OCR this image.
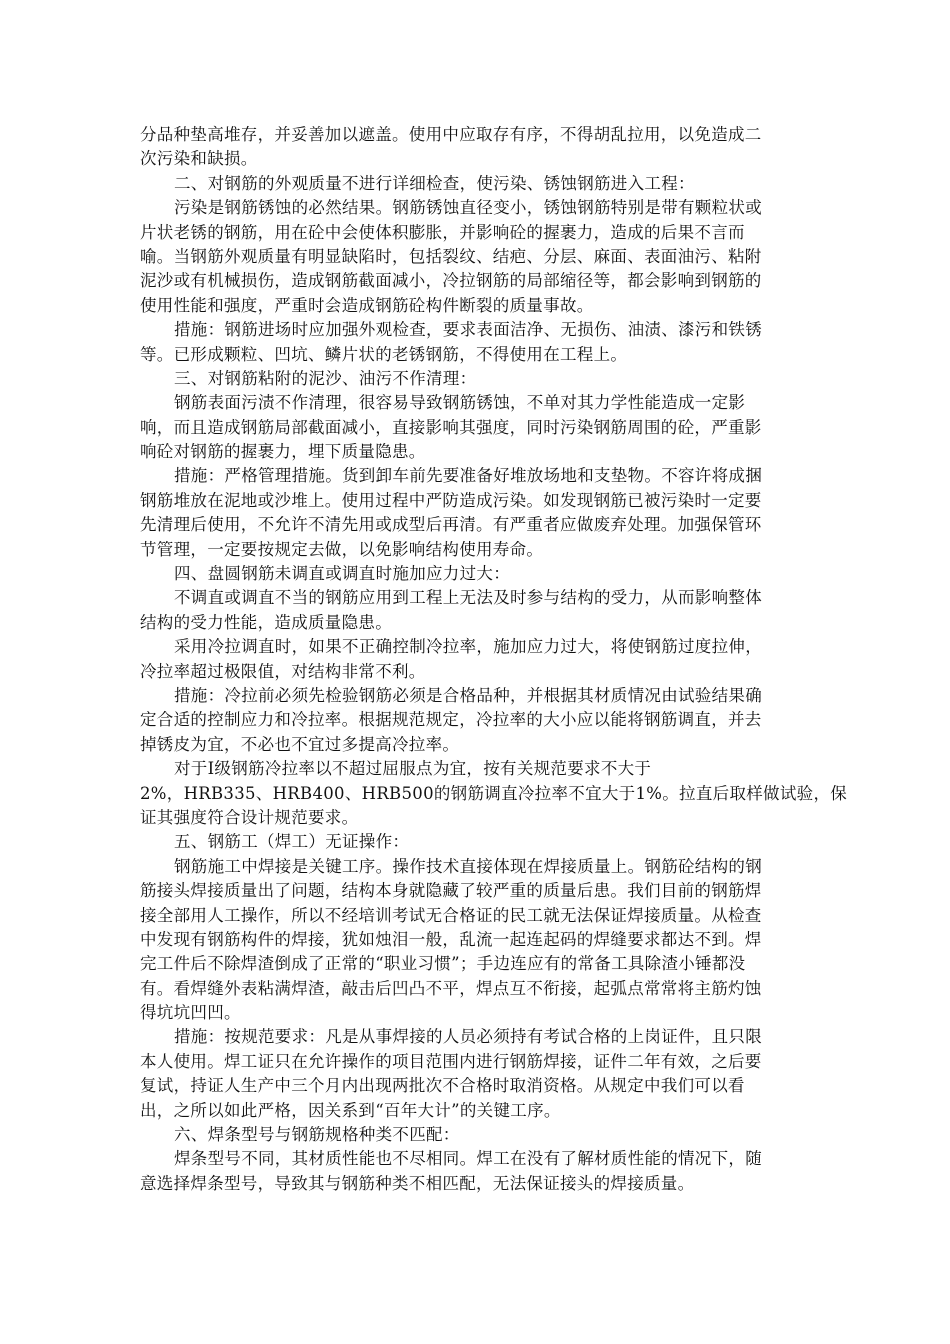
分品种垫高堆存，并妥善加以遮盖。使用中应取存有序，不得胡乱拉用，以免造成二
次污染和缺损。
二、对钢筋的外观质量不进行详细检查，使污染、锈蚀钢筋进入工程：
污染是钢筋锈蚀的必然结果。钢筋锈蚀直径变小，锈蚀钢筋特别是带有颗粒状或
片状老锈的钢筋，用在砼中会使体积膨胀，并影响砼的握裹力，造成的后果不言而
喻。当钢筋外观质量有明显缺陷时，包括裂纹、结疤、分层、麻面、表面油污、粘附
泥沙或有机械损伤，造成钢筋截面减小，冷拉钢筋的局部缩径等，都会影响到钢筋的
使用性能和强度，严重时会造成钢筋砼构件断裂的质量事故。
措施：钢筋进场时应加强外观检查，要求表面洁净、无损伤、油渍、漆污和铁锈
等。已形成颗粒、凹坑、鳞片状的老锈钢筋，不得使用在工程上。
三、对钢筋粘附的泥沙、油污不作清理：
钢筋表面污渍不作清理，很容易导致钢筋锈蚀，不单对其力学性能造成一定影
响，而且造成钢筋局部截面减小，直接影响其强度，同时污染钢筋周围的砼，严重影
响砼对钢筋的握裹力，埋下质量隐患。
措施：严格管理措施。货到卸车前先要准备好堆放场地和支垫物。不容许将成捆
钢筋堆放在泥地或沙堆上。使用过程中严防造成污染。如发现钢筋已被污染时一定要
先清理后使用，不允许不清先用或成型后再清。有严重者应做废弃处理。加强保管环
节管理，一定要按规定去做，以免影响结构使用寿命。
四、盘圆钢筋未调直或调直时施加应力过大：
不调直或调直不当的钢筋应用到工程上无法及时参与结构的受力，从而影响整体
结构的受力性能，造成质量隐患。
采用冷拉调直时，如果不正确控制冷拉率，施加应力过大，将使钢筋过度拉伸，
冷拉率超过极限值，对结构非常不利。
措施：冷拉前必须先检验钢筋必须是合格品种，并根据其材质情况由试验结果确
定合适的控制应力和冷拉率。根据规范规定，冷拉率的大小应以能将钢筋调直，并去
掉锈皮为宜，不必也不宜过多提高冷拉率。
对于Ⅰ级钢筋冷拉率以不超过屈服点为宜，按有关规范要求不大于
2%，HRB335、HRB400、HRB500的钢筋调直冷拉率不宜大于1%。拉直后取样做试验，保
证其强度符合设计规范要求。
五、钢筋工（焊工）无证操作：
钢筋施工中焊接是关键工序。操作技术直接体现在焊接质量上。钢筋砼结构的钢
筋接头焊接质量出了问题，结构本身就隐藏了较严重的质量后患。我们目前的钢筋焊
接全部用人工操作，所以不经培训考试无合格证的民工就无法保证焊接质量。从检查
中发现有钢筋构件的焊接，犹如烛泪一般，乱流一起连起码的焊缝要求都达不到。焊
完工件后不除焊渣倒成了正常的“职业习惯”；手边连应有的常备工具除渣小锤都没
有。看焊缝外表粘满焊渣，敲击后凹凸不平，焊点互不衔接，起弧点常常将主筋灼蚀
得坑坑凹凹。
措施：按规范要求：凡是从事焊接的人员必须持有考试合格的上岗证件，且只限
本人使用。焊工证只在允许操作的项目范围内进行钢筋焊接，证件二年有效，之后要
复试，持证人生产中三个月内出现两批次不合格时取消资格。从规定中我们可以看
出，之所以如此严格，因关系到“百年大计”的关键工序。
六、焊条型号与钢筋规格种类不匹配：
焊条型号不同，其材质性能也不尽相同。焊工在没有了解材质性能的情况下，随
意选择焊条型号，导致其与钢筋种类不相匹配，无法保证接头的焊接质量。
